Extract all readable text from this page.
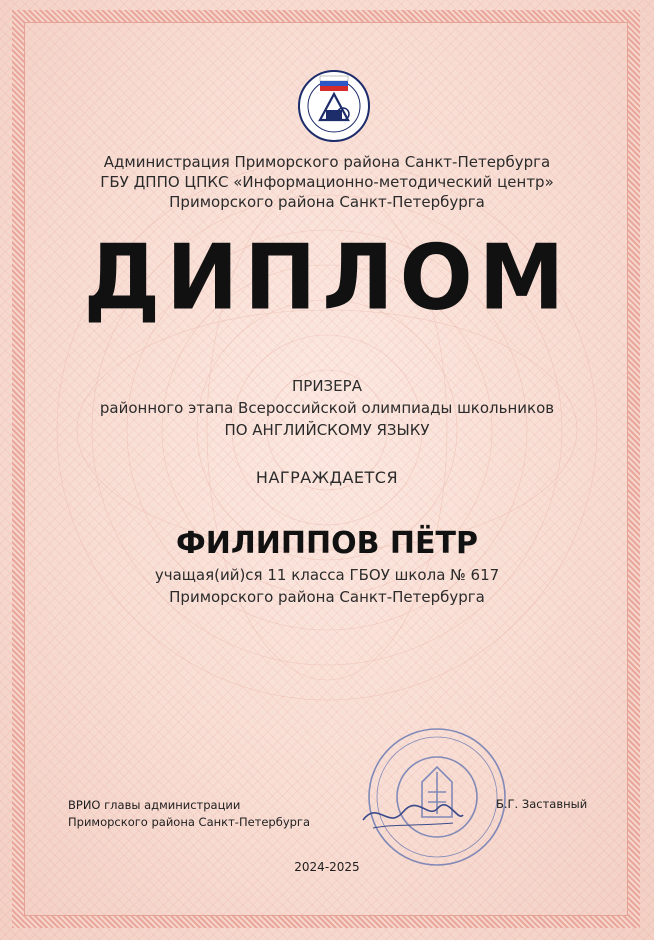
Администрация Приморского района Санкт-Петербурга
ГБУ ДППО ЦПКС «Информационно-методический центр»
Приморского района Санкт-Петербурга
ДИПЛОМ
ПРИЗЕРА
районного этапа Всероссийской олимпиады школьников
ПО АНГЛИЙСКОМУ ЯЗЫКУ
НАГРАЖДАЕТСЯ
ФИЛИППОВ ПЁТР
учащая(ий)ся 11 класса ГБОУ школа № 617
Приморского района Санкт-Петербурга
ВРИО главы администрации
Приморского района Санкт-Петербурга
Б.Г. Заставный
2024-2025
